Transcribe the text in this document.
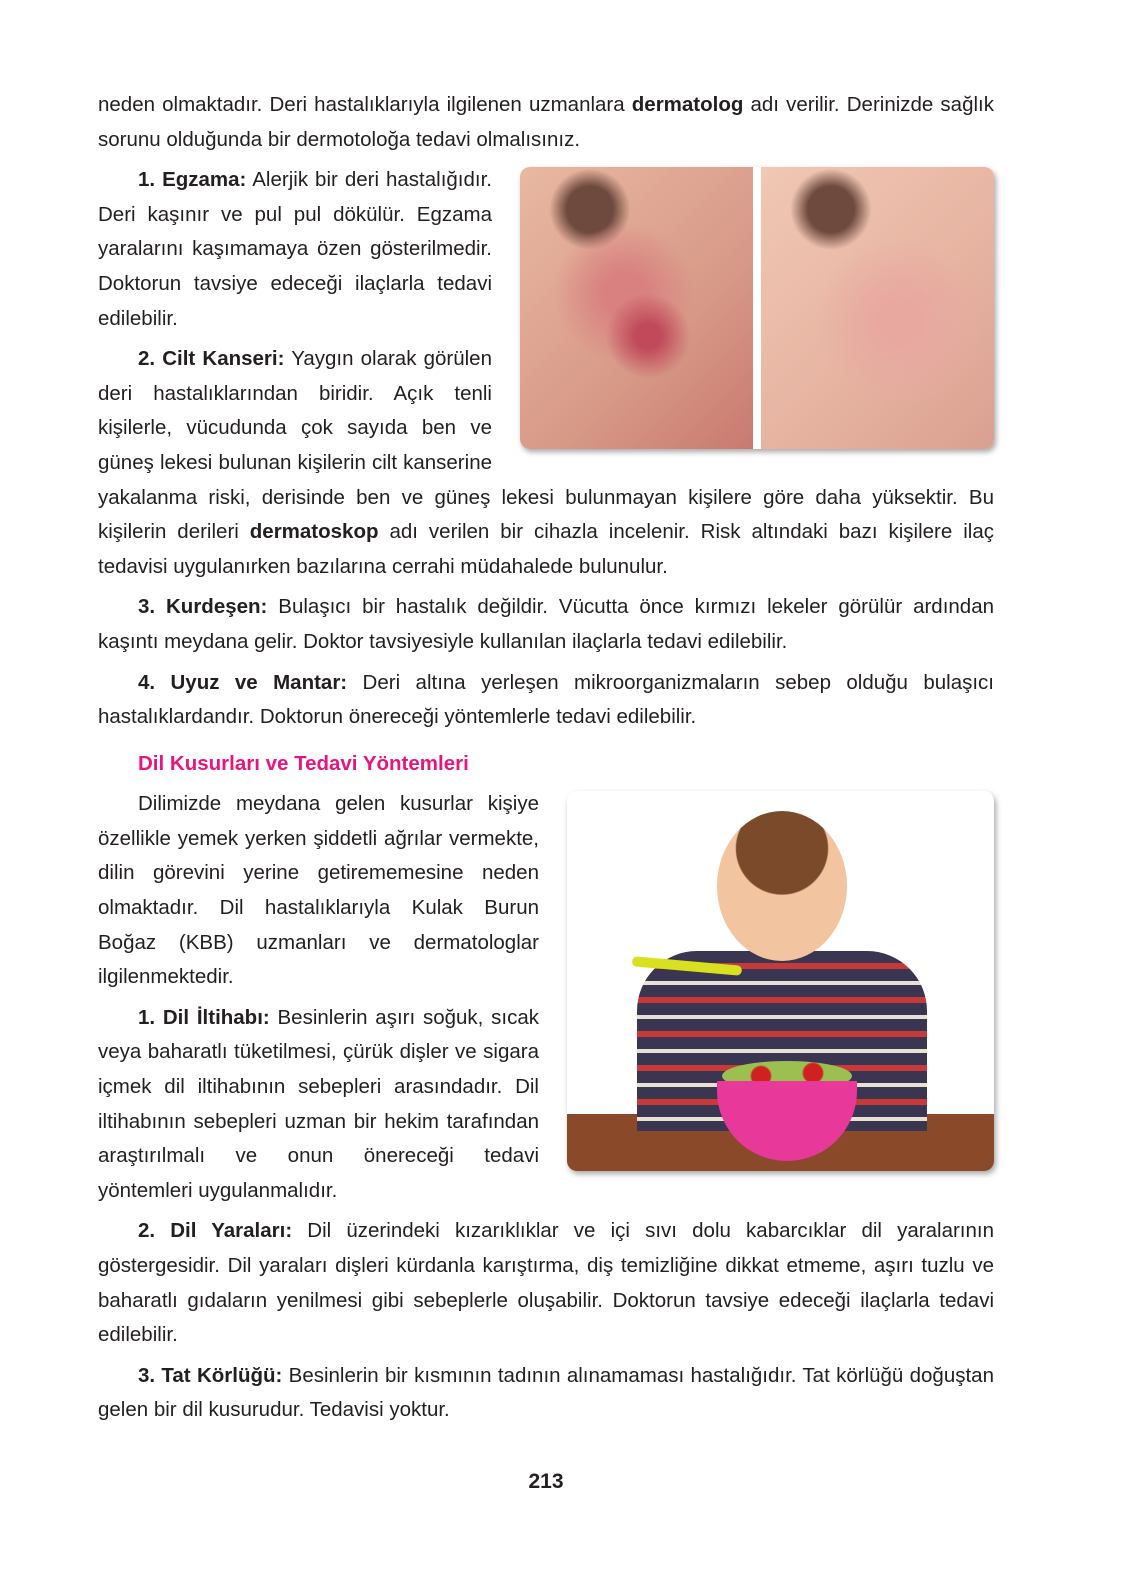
neden olmaktadır. Deri hastalıklarıyla ilgilenen uzmanlara dermatolog adı verilir. Derinizde sağlık sorunu olduğunda bir dermotoloğa tedavi olmalısınız.

1. Egzama: Alerjik bir deri hastalığıdır. Deri kaşınır ve pul pul dökülür. Egzama yaralarını kaşımamaya özen gösterilmedir. Doktorun tavsiye edeceği ilaçlarla tedavi edilebilir.

2. Cilt Kanseri: Yaygın olarak görülen deri hastalıklarından biridir. Açık tenli kişilerle, vücudunda çok sayıda ben ve güneş lekesi bulunan kişilerin cilt kanserine yakalanma riski, derisinde ben ve güneş lekesi bulunmayan kişilere göre daha yüksektir. Bu kişilerin derileri dermatoskop adı verilen bir cihazla incelenir. Risk altındaki bazı kişilere ilaç tedavisi uygulanırken bazılarına cerrahi müdahalede bulunulur.

3. Kurdeşen: Bulaşıcı bir hastalık değildir. Vücutta önce kırmızı lekeler görülür ardından kaşıntı meydana gelir. Doktor tavsiyesiyle kullanılan ilaçlarla tedavi edilebilir.

4. Uyuz ve Mantar: Deri altına yerleşen mikroorganizmaların sebep olduğu bulaşıcı hastalıklardandır. Doktorun önereceği yöntemlerle tedavi edilebilir.

Dil Kusurları ve Tedavi Yöntemleri

Dilimizde meydana gelen kusurlar kişiye özellikle yemek yerken şiddetli ağrılar vermekte, dilin görevini yerine getirememesine neden olmaktadır. Dil hastalıklarıyla Kulak Burun Boğaz (KBB) uzmanları ve dermatologlar ilgilenmektedir.

1. Dil İltihabı: Besinlerin aşırı soğuk, sıcak veya baharatlı tüketilmesi, çürük dişler ve sigara içmek dil iltihabının sebepleri arasındadır. Dil iltihabının sebepleri uzman bir hekim tarafından araştırılmalı ve onun önereceği tedavi yöntemleri uygulanmalıdır.

2. Dil Yaraları: Dil üzerindeki kızarıklıklar ve içi sıvı dolu kabarcıklar dil yaralarının göstergesidir. Dil yaraları dişleri kürdanla karıştırma, diş temizliğine dikkat etmeme, aşırı tuzlu ve baharatlı gıdaların yenilmesi gibi sebeplerle oluşabilir. Doktorun tavsiye edeceği ilaçlarla tedavi edilebilir.

3. Tat Körlüğü: Besinlerin bir kısmının tadının alınamaması hastalığıdır. Tat körlüğü doğuştan gelen bir dil kusurudur. Tedavisi yoktur.

213
